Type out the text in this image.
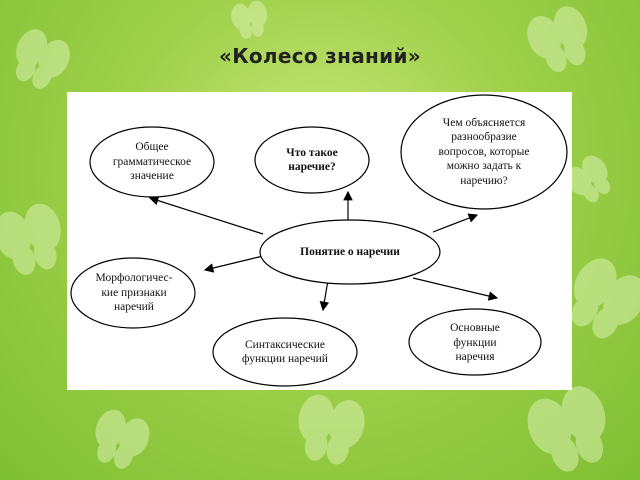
«Колесо знаний»
Общее
грамматическое
значение
Что такое
наречие?
Чем объясняется
разнообразие
вопросов, которые
можно задать к
наречию?
Понятие о наречии
Морфологичес-
кие признаки
наречий
Синтаксические
функции наречий
Основные
функции
наречия
